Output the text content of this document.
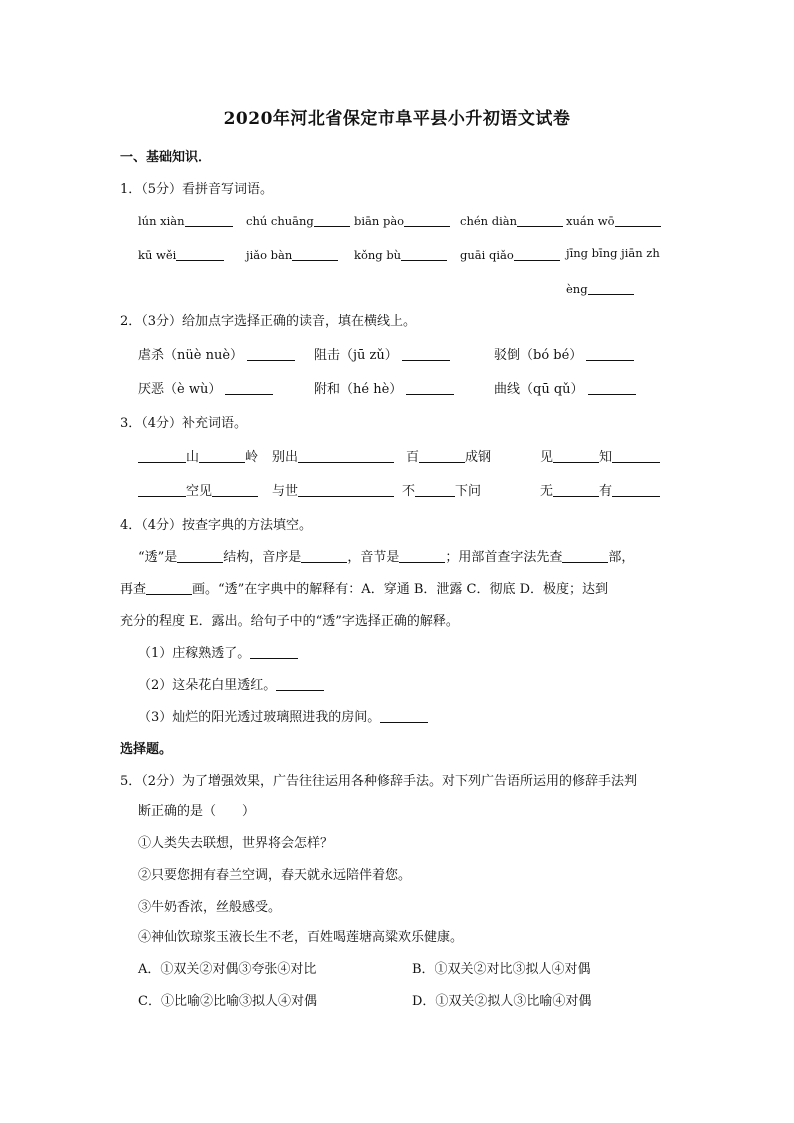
2020年河北省保定市阜平县小升初语文试卷
一、基础知识．
1．（5分）看拼音写词语。
lún xiàn	chú chuāng	biān pào	chén diàn	xuán wō
kū wěi	jiǎo bàn	kǒng bù	guāi qiǎo	jīng bīng jiān zh
èng
2．（3分）给加点字选择正确的读音，填在横线上。
虐杀（nüè nuè）	阻击（jū zǔ）	驳倒（bó bé）
厌恶（è wù）	附和（hé hè）	曲线（qū qǔ）
3．（4分）补充词语。
山	岭 别出	百	成钢	见	知
空见	与世	不	下问	无	有
4．（4分）按查字典的方法填空。
“透”是	结构，音序是	，音节是	；用部首查字法先查	部，
再查	画。“透”在字典中的解释有：A．穿通 B．泄露 C．彻底 D．极度；达到
充分的程度 E．露出。给句子中的“透”字选择正确的解释。
（1）庄稼熟透了。
（2）这朵花白里透红。
（3）灿烂的阳光透过玻璃照进我的房间。
选择题。
5．（2分）为了增强效果，广告往往运用各种修辞手法。对下列广告语所运用的修辞手法判
断正确的是（　　）
①人类失去联想，世界将会怎样？
②只要您拥有春兰空调，春天就永远陪伴着您。
③牛奶香浓，丝般感受。
④神仙饮琼浆玉液长生不老，百姓喝莲塘高粱欢乐健康。
A．①双关②对偶③夸张④对比	B．①双关②对比③拟人④对偶
C．①比喻②比喻③拟人④对偶	D．①双关②拟人③比喻④对偶
